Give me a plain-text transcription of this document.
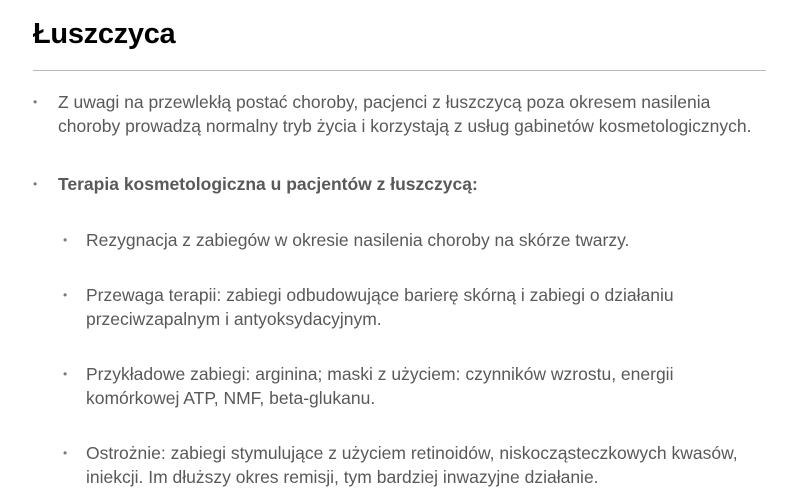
Łuszczyca
• Z uwagi na przewlekłą postać choroby, pacjenci z łuszczycą poza okresem nasilenia choroby prowadzą normalny tryb życia i korzystają z usług gabinetów kosmetologicznych.
• Terapia kosmetologiczna u pacjentów z łuszczycą:
• Rezygnacja z zabiegów w okresie nasilenia choroby na skórze twarzy.
• Przewaga terapii: zabiegi odbudowujące barierę skórną i zabiegi o działaniu przeciwzapalnym i antyoksydacyjnym.
• Przykładowe zabiegi: arginina; maski z użyciem: czynników wzrostu, energii komórkowej ATP, NMF, beta-glukanu.
• Ostrożnie: zabiegi stymulujące z użyciem retinoidów, niskocząsteczkowych kwasów, iniekcji. Im dłuższy okres remisji, tym bardziej inwazyjne działanie.
